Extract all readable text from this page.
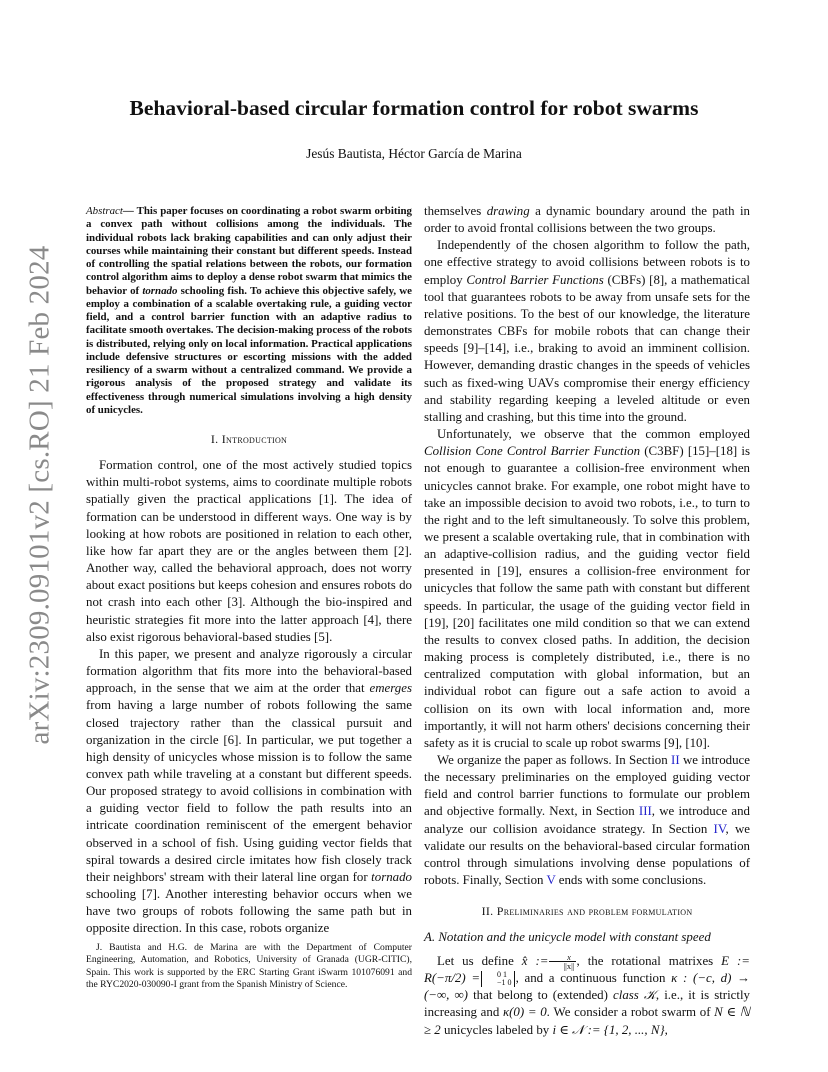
arXiv:2309.09101v2 [cs.RO] 21 Feb 2024
Behavioral-based circular formation control for robot swarms
Jesús Bautista, Héctor García de Marina

Abstract— This paper focuses on coordinating a robot swarm orbiting a convex path without collisions among the individuals. The individual robots lack braking capabilities and can only adjust their courses while maintaining their constant but different speeds. Instead of controlling the spatial relations between the robots, our formation control algorithm aims to deploy a dense robot swarm that mimics the behavior of tornado schooling fish. To achieve this objective safely, we employ a combination of a scalable overtaking rule, a guiding vector field, and a control barrier function with an adaptive radius to facilitate smooth overtakes. The decision-making process of the robots is distributed, relying only on local information. Practical applications include defensive structures or escorting missions with the added resiliency of a swarm without a centralized command. We provide a rigorous analysis of the proposed strategy and validate its effectiveness through numerical simulations involving a high density of unicycles.

I. Introduction

Formation control, one of the most actively studied topics within multi-robot systems, aims to coordinate multiple robots spatially given the practical applications [1]. The idea of formation can be understood in different ways. One way is by looking at how robots are positioned in relation to each other, like how far apart they are or the angles between them [2]. Another way, called the behavioral approach, does not worry about exact positions but keeps cohesion and ensures robots do not crash into each other [3]. Although the bio-inspired and heuristic strategies fit more into the latter approach [4], there also exist rigorous behavioral-based studies [5].

In this paper, we present and analyze rigorously a circular formation algorithm that fits more into the behavioral-based approach, in the sense that we aim at the order that emerges from having a large number of robots following the same closed trajectory rather than the classical pursuit and organization in the circle [6]. In particular, we put together a high density of unicycles whose mission is to follow the same convex path while traveling at a constant but different speeds. Our proposed strategy to avoid collisions in combination with a guiding vector field to follow the path results into an intricate coordination reminiscent of the emergent behavior observed in a school of fish. Using guiding vector fields that spiral towards a desired circle imitates how fish closely track their neighbors' stream with their lateral line organ for tornado schooling [7]. Another interesting behavior occurs when we have two groups of robots following the same path but in opposite direction. In this case, robots organize

J. Bautista and H.G. de Marina are with the Department of Computer Engineering, Automation, and Robotics, University of Granada (UGR-CITIC), Spain. This work is supported by the ERC Starting Grant iSwarm 101076091 and the RYC2020-030090-I grant from the Spanish Ministry of Science.

themselves drawing a dynamic boundary around the path in order to avoid frontal collisions between the two groups.

Independently of the chosen algorithm to follow the path, one effective strategy to avoid collisions between robots is to employ Control Barrier Functions (CBFs) [8], a mathematical tool that guarantees robots to be away from unsafe sets for the relative positions. To the best of our knowledge, the literature demonstrates CBFs for mobile robots that can change their speeds [9]–[14], i.e., braking to avoid an imminent collision. However, demanding drastic changes in the speeds of vehicles such as fixed-wing UAVs compromise their energy efficiency and stability regarding keeping a leveled altitude or even stalling and crashing, but this time into the ground.

Unfortunately, we observe that the common employed Collision Cone Control Barrier Function (C3BF) [15]–[18] is not enough to guarantee a collision-free environment when unicycles cannot brake. For example, one robot might have to take an impossible decision to avoid two robots, i.e., to turn to the right and to the left simultaneously. To solve this problem, we present a scalable overtaking rule, that in combination with an adaptive-collision radius, and the guiding vector field presented in [19], ensures a collision-free environment for unicycles that follow the same path with constant but different speeds. In particular, the usage of the guiding vector field in [19], [20] facilitates one mild condition so that we can extend the results to convex closed paths. In addition, the decision making process is completely distributed, i.e., there is no centralized computation with global information, but an individual robot can figure out a safe action to avoid a collision on its own with local information and, more importantly, it will not harm others' decisions concerning their safety as it is crucial to scale up robot swarms [9], [10].

We organize the paper as follows. In Section II we introduce the necessary preliminaries on the employed guiding vector field and control barrier functions to formulate our problem and objective formally. Next, in Section III, we introduce and analyze our collision avoidance strategy. In Section IV, we validate our results on the behavioral-based circular formation control through simulations involving dense populations of robots. Finally, Section V ends with some conclusions.

II. Preliminaries and problem formulation
A. Notation and the unicycle model with constant speed

Let us define x̂ := $\frac{x}{||x||}$ , the rotational matrixes E := R(−π/2) =	0 1
−1 0 , and a continuous function κ : (−c, d) → (−∞, ∞) that belong to (extended) class 𝒦, i.e., it is strictly increasing and κ(0) = 0. We consider a robot swarm of N ∈ ℕ ≥ 2 unicycles labeled by i ∈ 𝒩 := {1, 2, ..., N},
